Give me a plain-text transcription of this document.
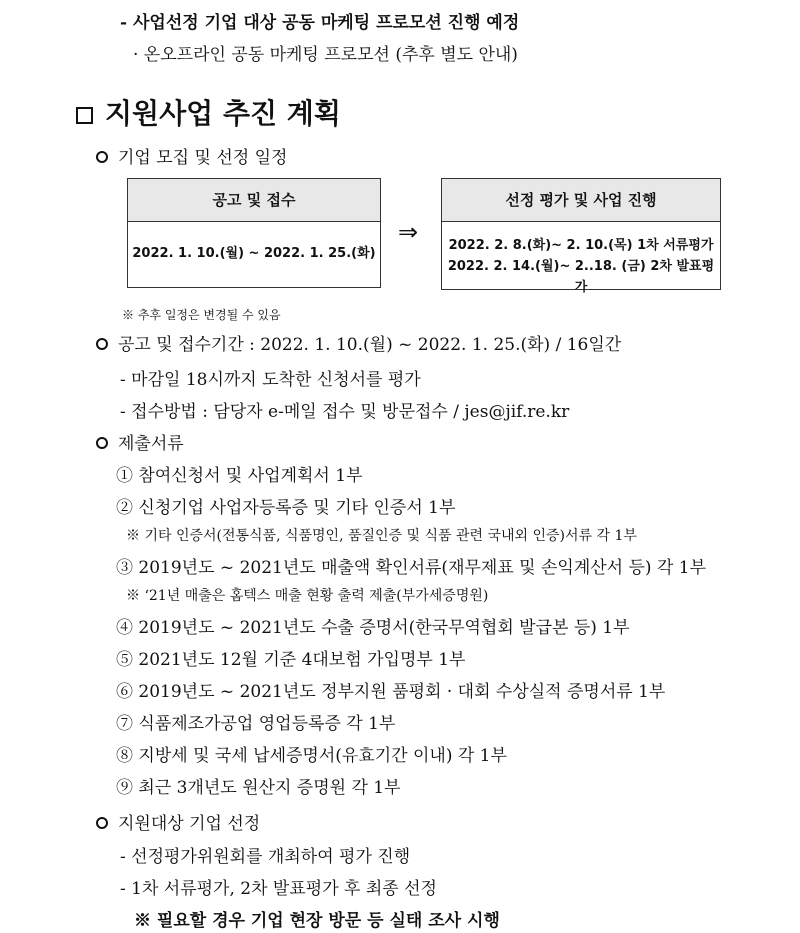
- 사업선정 기업 대상 공동 마케팅 프로모션 진행 예정
· 온오프라인 공동 마케팅 프로모션 (추후 별도 안내)
지원사업 추진 계획
기업 모집 및 선정 일정
공고 및 접수
2022. 1. 10.(월) ~ 2022. 1. 25.(화)
⇒
선정 평가 및 사업 진행
2022. 2. 8.(화)~ 2. 10.(목) 1차 서류평가
2022. 2. 14.(월)~ 2..18. (금) 2차 발표평가
※ 추후 일정은 변경될 수 있음
공고 및 접수기간 : 2022. 1. 10.(월) ~ 2022. 1. 25.(화) / 16일간
- 마감일 18시까지 도착한 신청서를 평가
- 접수방법 : 담당자 e-메일 접수 및 방문접수 / jes@jif.re.kr
제출서류
① 참여신청서 및 사업계획서 1부
② 신청기업 사업자등록증 및 기타 인증서 1부
※ 기타 인증서(전통식품, 식품명인, 품질인증 및 식품 관련 국내외 인증)서류 각 1부
③ 2019년도 ~ 2021년도 매출액 확인서류(재무제표 및 손익계산서 등) 각 1부
※ ‘21년 매출은 홈텍스 매출 현황 출력 제출(부가세증명원)
④ 2019년도 ~ 2021년도 수출 증명서(한국무역협회 발급본 등) 1부
⑤ 2021년도 12월 기준 4대보험 가입명부 1부
⑥ 2019년도 ~ 2021년도 정부지원 품평회 · 대회 수상실적 증명서류 1부
⑦ 식품제조가공업 영업등록증 각 1부
⑧ 지방세 및 국세 납세증명서(유효기간 이내) 각 1부
⑨ 최근 3개년도 원산지 증명원 각 1부
지원대상 기업 선정
- 선정평가위원회를 개최하여 평가 진행
- 1차 서류평가, 2차 발표평가 후 최종 선정
※ 필요할 경우 기업 현장 방문 등 실태 조사 시행
